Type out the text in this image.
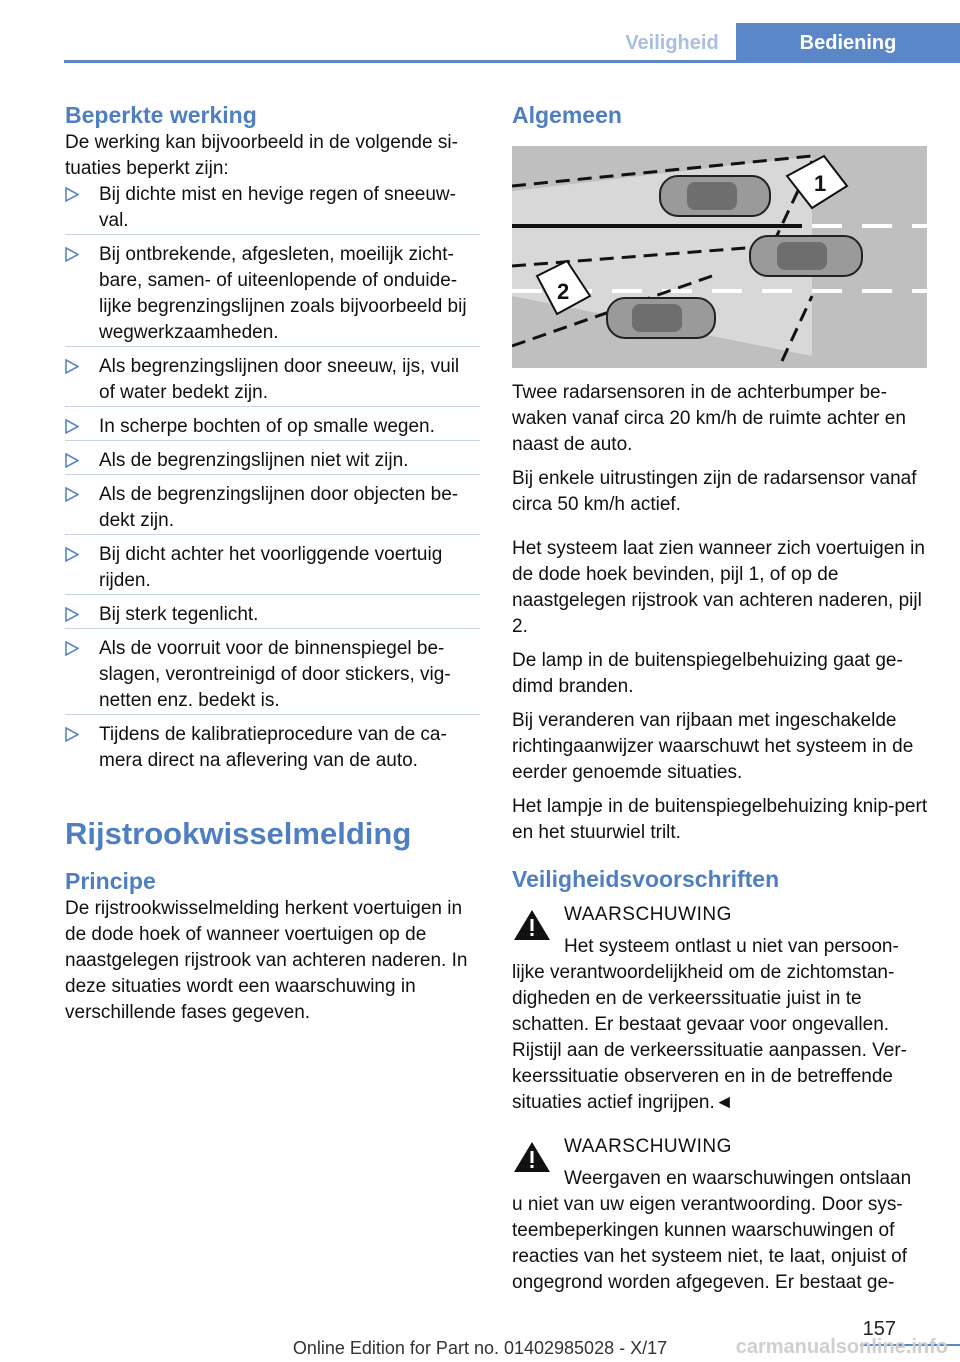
Veiligheid	Bediening

Beperkte werking

De werking kan bijvoorbeeld in de volgende si-tuaties beperkt zijn:

Bij dichte mist en hevige regen of sneeuw-val.
Bij ontbrekende, afgesleten, moeilijk zicht-bare, samen- of uiteenlopende of onduide-lijke begrenzingslijnen zoals bijvoorbeeld bij wegwerkzaamheden.
Als begrenzingslijnen door sneeuw, ijs, vuil of water bedekt zijn.
In scherpe bochten of op smalle wegen.
Als de begrenzingslijnen niet wit zijn.
Als de begrenzingslijnen door objecten be-dekt zijn.
Bij dicht achter het voorliggende voertuig rijden.
Bij sterk tegenlicht.
Als de voorruit voor de binnenspiegel be-slagen, verontreinigd of door stickers, vig-netten enz. bedekt is.
Tijdens de kalibratieprocedure van de ca-mera direct na aflevering van de auto.

Rijstrookwisselmelding

Principe

De rijstrookwisselmelding herkent voertuigen in de dode hoek of wanneer voertuigen op de naastgelegen rijstrook van achteren naderen. In deze situaties wordt een waarschuwing in verschillende fases gegeven.

Algemeen

1
2

Twee radarsensoren in de achterbumper be-waken vanaf circa 20 km/h de ruimte achter en naast de auto.

Bij enkele uitrustingen zijn de radarsensor vanaf circa 50 km/h actief.

Het systeem laat zien wanneer zich voertuigen in de dode hoek bevinden, pijl 1, of op de naastgelegen rijstrook van achteren naderen, pijl 2.

De lamp in de buitenspiegelbehuizing gaat ge-dimd branden.

Bij veranderen van rijbaan met ingeschakelde richtingaanwijzer waarschuwt het systeem in de eerder genoemde situaties.

Het lampje in de buitenspiegelbehuizing knip-pert en het stuurwiel trilt.

Veiligheidsvoorschriften

WAARSCHUWING
Het systeem ontlast u niet van persoon-
lijke verantwoordelijkheid om de zichtomstan-digheden en de verkeerssituatie juist in te schatten. Er bestaat gevaar voor ongevallen. Rijstijl aan de verkeerssituatie aanpassen. Ver-keerssituatie observeren en in de betreffende situaties actief ingrijpen.◄
WAARSCHUWING
Weergaven en waarschuwingen ontslaan
u niet van uw eigen verantwoording. Door sys-teembeperkingen kunnen waarschuwingen of reacties van het systeem niet, te laat, onjuist of ongegrond worden afgegeven. Er bestaat ge-
157
Online Edition for Part no. 01402985028 - X/17	carmanualsonline.info
